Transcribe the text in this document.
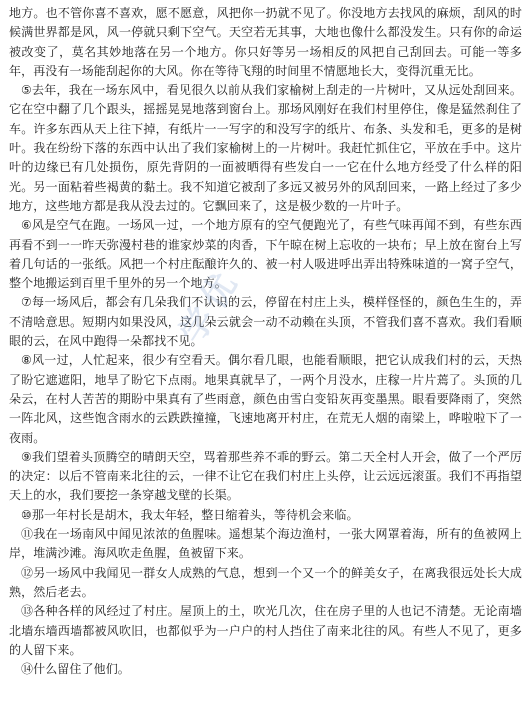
地方。也不管你喜不喜欢，愿不愿意，风把你一扔就不见了。你没地方去找风的麻烦，刮风的时候满世界都是风，风一停就只剩下空气。天空若无其事，大地也像什么都没发生。只有你的命运被改变了，莫名其妙地落在另一个地方。你只好等另一场相反的风把自己刮回去。可能一等多年，再没有一场能刮起你的大风。你在等待飞翔的时间里不情愿地长大，变得沉重无比。

⑤去年，我在一场东风中，看见很久以前从我们家榆树上刮走的一片树叶，又从远处刮回来。它在空中翻了几个跟头，摇摇晃晃地落到窗台上。那场风刚好在我们村里停住，像是猛然刹住了车。许多东西从天上往下掉，有纸片一一写字的和没写字的纸片、布条、头发和毛，更多的是树叶。我在纷纷下落的东西中认出了我们家榆树上的一片树叶。我赶忙抓住它，平放在手中。这片叶的边缘已有几处损伤，原先背阴的一面被晒得有些发白一一它在什么地方经受了什么样的阳光。另一面粘着些褐黄的黏土。我不知道它被刮了多远又被另外的风刮回来，一路上经过了多少地方，这些地方都是我从没去过的。它飘回来了，这是极少数的一片叶子。

⑥风是空气在跑。一场风一过，一个地方原有的空气便跑光了，有些气味再闻不到，有些东西再看不到一一昨天弥漫村巷的谁家炒菜的肉香，下午晾在树上忘收的一块布；早上放在窗台上写着几句话的一张纸。风把一个村庄酝酿许久的、被一村人吸进呼出弄出特殊味道的一窝子空气，整个地搬运到百里千里外的另一个地方。

⑦每一场风后，都会有几朵我们不认识的云，停留在村庄上头，模样怪怪的，颜色生生的，弄不清啥意思。短期内如果没风，这几朵云就会一动不动赖在头顶，不管我们喜不喜欢。我们看顺眼的云，在风中跑得一朵都找不见。

⑧风一过，人忙起来，很少有空看天。偶尔看几眼，也能看顺眼，把它认成我们村的云，天热了盼它遮遮阳，地旱了盼它下点雨。地果真就旱了，一两个月没水，庄稼一片片蔫了。头顶的几朵云，在村人苦苦的期盼中果真有了些雨意，颜色由雪白变铅灰再变墨黑。眼看要降雨了，突然一阵北风，这些饱含雨水的云跌跌撞撞，飞速地离开村庄，在荒无人烟的南梁上，哗啦啦下了一夜雨。

⑨我们望着头顶腾空的晴朗天空，骂着那些养不乖的野云。第二天全村人开会，做了一个严厉的决定：以后不管南来北往的云，一律不让它在我们村庄上头停，让云远远滚蛋。我们不再指望天上的水，我们要挖一条穿越戈壁的长渠。

⑩那一年村长是胡木，我太年轻，整日缩着头，等待机会来临。

⑪我在一场南风中闻见浓浓的鱼腥味。遥想某个海边渔村，一张大网罩着海，所有的鱼被网上岸，堆满沙滩。海风吹走鱼腥，鱼被留下来。

⑫另一场风中我闻见一群女人成熟的气息，想到一个又一个的鲜美女子，在离我很远处长大成熟，然后老去。

⑬各种各样的风经过了村庄。屋顶上的土，吹光几次，住在房子里的人也记不清楚。无论南墙北墙东墙西墙都被风吹旧，也都似乎为一户户的村人挡住了南来北往的风。有些人不见了，更多的人留下来。

⑭什么留住了他们。

学优
